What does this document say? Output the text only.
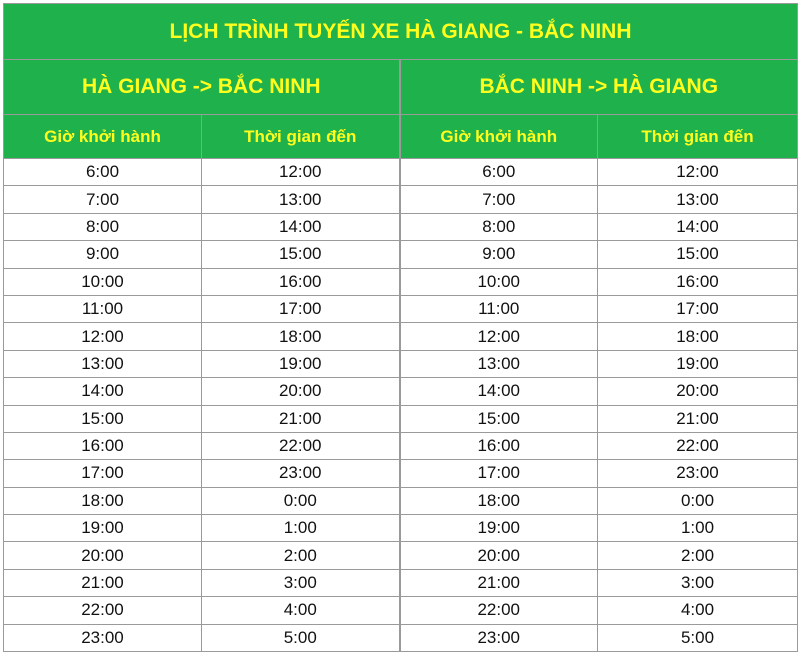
LỊCH TRÌNH TUYẾN XE HÀ GIANG - BẮC NINH			
HÀ GIANG -> BẮC NINH		BẮC NINH -> HÀ GIANG	
Giờ khởi hành	Thời gian đến	Giờ khởi hành	Thời gian đến
6:00	12:00	6:00	12:00
7:00	13:00	7:00	13:00
8:00	14:00	8:00	14:00
9:00	15:00	9:00	15:00
10:00	16:00	10:00	16:00
11:00	17:00	11:00	17:00
12:00	18:00	12:00	18:00
13:00	19:00	13:00	19:00
14:00	20:00	14:00	20:00
15:00	21:00	15:00	21:00
16:00	22:00	16:00	22:00
17:00	23:00	17:00	23:00
18:00	0:00	18:00	0:00
19:00	1:00	19:00	1:00
20:00	2:00	20:00	2:00
21:00	3:00	21:00	3:00
22:00	4:00	22:00	4:00
23:00	5:00	23:00	5:00
